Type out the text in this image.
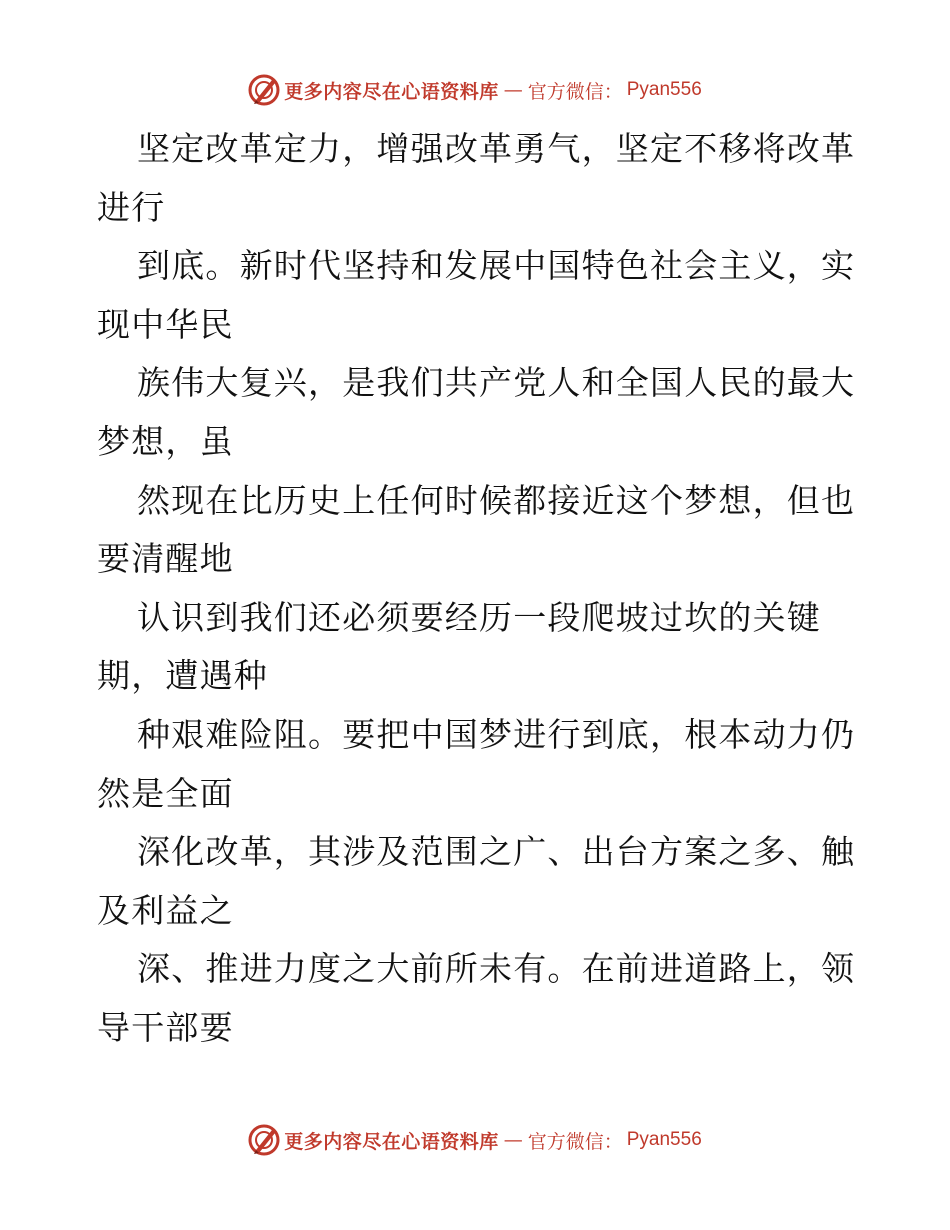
更多内容尽在心语资料库 — 官方微信： Pyan556
坚定改革定力，增强改革勇气，坚定不移将改革
进行
到底。新时代坚持和发展中国特色社会主义，实
现中华民
族伟大复兴，是我们共产党人和全国人民的最大
梦想，虽
然现在比历史上任何时候都接近这个梦想，但也
要清醒地
认识到我们还必须要经历一段爬坡过坎的关键
期，遭遇种
种艰难险阻。要把中国梦进行到底，根本动力仍
然是全面
深化改革，其涉及范围之广、出台方案之多、触
及利益之
深、推进力度之大前所未有。在前进道路上，领
导干部要
更多内容尽在心语资料库 — 官方微信： Pyan556
